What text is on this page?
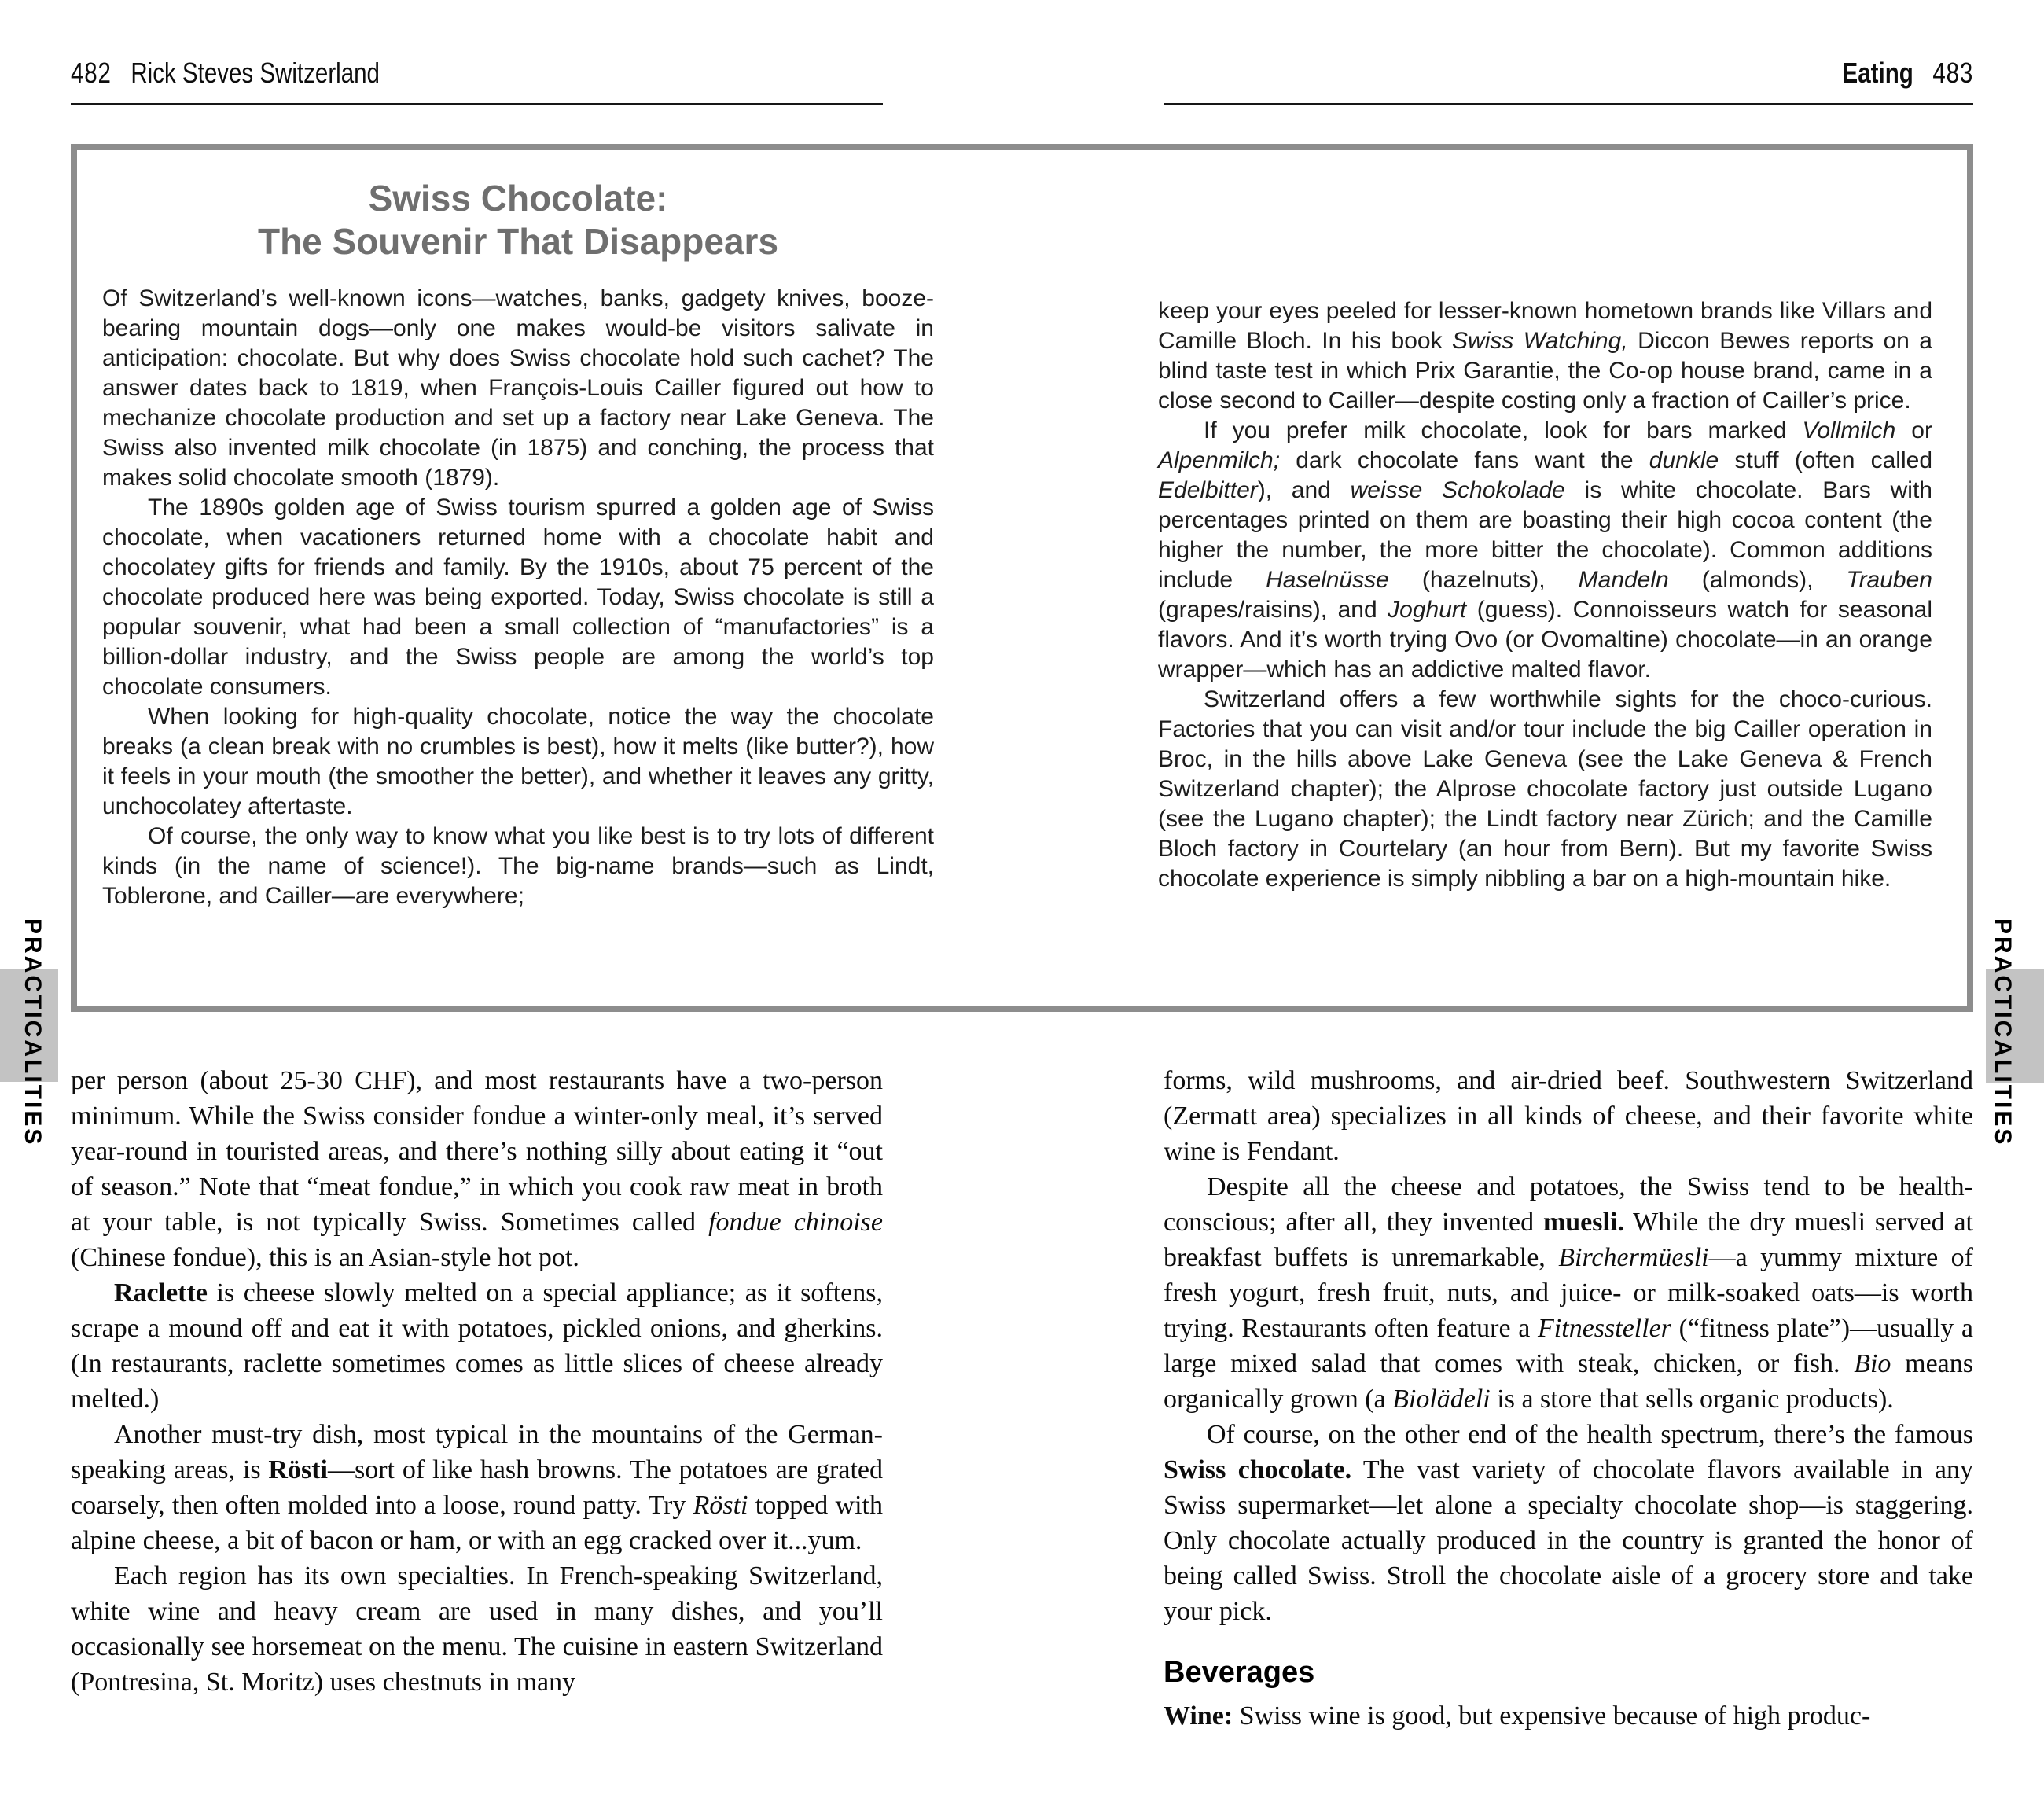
482 Rick Steves Switzerland	Eating 483
Swiss Chocolate:
The Souvenir That Disappears

Of Switzerland’s well-known icons—watches, banks, gadgety knives, booze-bearing mountain dogs—only one makes would-be visitors salivate in anticipation: chocolate. But why does Swiss chocolate hold such cachet? The answer dates back to 1819, when François-Louis Cailler figured out how to mechanize chocolate production and set up a factory near Lake Geneva. The Swiss also invented milk chocolate (in 1875) and conching, the process that makes solid chocolate smooth (1879).

The 1890s golden age of Swiss tourism spurred a golden age of Swiss chocolate, when vacationers returned home with a chocolate habit and chocolatey gifts for friends and family. By the 1910s, about 75 percent of the chocolate produced here was being exported. Today, Swiss chocolate is still a popular souvenir, what had been a small collection of “manufactories” is a billion-dollar industry, and the Swiss people are among the world’s top chocolate consumers.

When looking for high-quality chocolate, notice the way the chocolate breaks (a clean break with no crumbles is best), how it melts (like butter?), how it feels in your mouth (the smoother the better), and whether it leaves any gritty, unchocolatey aftertaste.

Of course, the only way to know what you like best is to try lots of different kinds (in the name of science!). The big-name brands—such as Lindt, Toblerone, and Cailler—are everywhere;

keep your eyes peeled for lesser-known hometown brands like Villars and Camille Bloch. In his book Swiss Watching, Diccon Bewes reports on a blind taste test in which Prix Garantie, the Co-op house brand, came in a close second to Cailler—despite costing only a fraction of Cailler’s price.

If you prefer milk chocolate, look for bars marked Vollmilch or Alpenmilch; dark chocolate fans want the dunkle stuff (often called Edelbitter), and weisse Schokolade is white chocolate. Bars with percentages printed on them are boasting their high cocoa content (the higher the number, the more bitter the chocolate). Common additions include Haselnüsse (hazelnuts), Mandeln (almonds), Trauben (grapes/raisins), and Joghurt (guess). Connoisseurs watch for seasonal flavors. And it’s worth trying Ovo (or Ovomaltine) chocolate—in an orange wrapper—which has an addictive malted flavor.

Switzerland offers a few worthwhile sights for the choco-curious. Factories that you can visit and/or tour include the big Cailler operation in Broc, in the hills above Lake Geneva (see the Lake Geneva & French Switzerland chapter); the Alprose chocolate factory just outside Lugano (see the Lugano chapter); the Lindt factory near Zürich; and the Camille Bloch factory in Courtelary (an hour from Bern). But my favorite Swiss chocolate experience is simply nibbling a bar on a high-mountain hike.

per person (about 25-30 CHF), and most restaurants have a two-person minimum. While the Swiss consider fondue a winter-only meal, it’s served year-round in touristed areas, and there’s nothing silly about eating it “out of season.” Note that “meat fondue,” in which you cook raw meat in broth at your table, is not typically Swiss. Sometimes called fondue chinoise (Chinese fondue), this is an Asian-style hot pot.

Raclette is cheese slowly melted on a special appliance; as it softens, scrape a mound off and eat it with potatoes, pickled onions, and gherkins. (In restaurants, raclette sometimes comes as little slices of cheese already melted.)

Another must-try dish, most typical in the mountains of the German-speaking areas, is Rösti—sort of like hash browns. The potatoes are grated coarsely, then often molded into a loose, round patty. Try Rösti topped with alpine cheese, a bit of bacon or ham, or with an egg cracked over it...yum.

Each region has its own specialties. In French-speaking Switzerland, white wine and heavy cream are used in many dishes, and you’ll occasionally see horsemeat on the menu. The cuisine in eastern Switzerland (Pontresina, St. Moritz) uses chestnuts in many

forms, wild mushrooms, and air-dried beef. Southwestern Switzerland (Zermatt area) specializes in all kinds of cheese, and their favorite white wine is Fendant.

Despite all the cheese and potatoes, the Swiss tend to be health-conscious; after all, they invented muesli. While the dry muesli served at breakfast buffets is unremarkable, Birchermüesli—a yummy mixture of fresh yogurt, fresh fruit, nuts, and juice- or milk-soaked oats—is worth trying. Restaurants often feature a Fitnessteller (“fitness plate”)—usually a large mixed salad that comes with steak, chicken, or fish. Bio means organically grown (a Biolädeli is a store that sells organic products).

Of course, on the other end of the health spectrum, there’s the famous Swiss chocolate. The vast variety of chocolate flavors available in any Swiss supermarket—let alone a specialty chocolate shop—is staggering. Only chocolate actually produced in the country is granted the honor of being called Swiss. Stroll the chocolate aisle of a grocery store and take your pick.

Beverages

Wine: Swiss wine is good, but expensive because of high produc-

PRACTICALITIES	PRACTICALITIES
